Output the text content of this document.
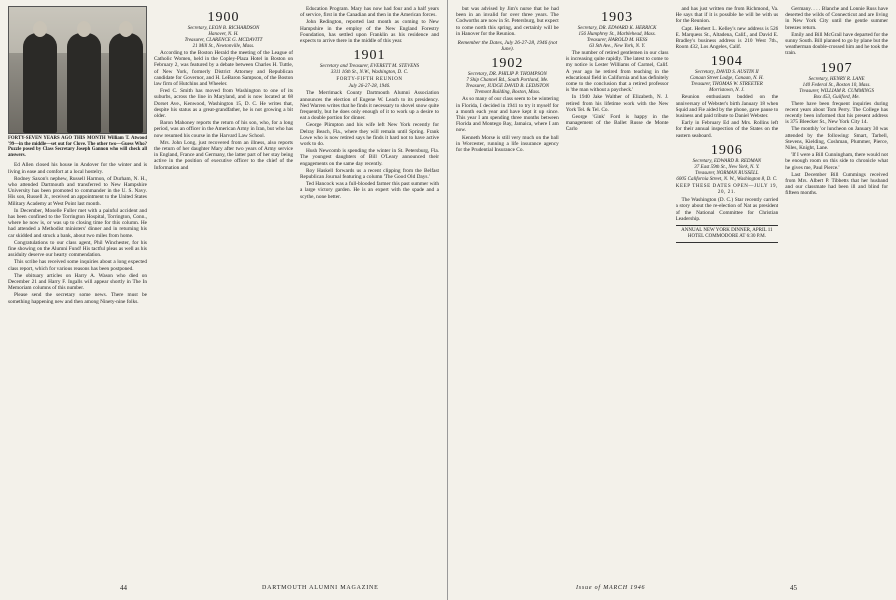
FORTY-SEVEN YEARS AGO THIS MONTH William T. Atwood '99—in the middle—set out for Clove. The other two—Guess Who? Puzzle posed by Class Secretary Joseph Gannon who will check all answers.

Ed Allen closed his house in Andover for the winter and is living in ease and comfort at a local hostelry.

Rodney Saxon's nephew, Russell Harmon, of Durham, N. H., who attended Dartmouth and transferred to New Hampshire University has been promoted to commander in the U. S. Navy. His son, Russell Jr., received an appointment to the United States Military Academy at West Point last month.

In December, Moselle Fuller met with a painful accident and has been confined to the Torrington Hospital, Torrington, Conn., where he now is, or was up to closing time for this column. He had attended a Methodist ministers' dinner and in returning his car skidded and struck a bank, about two miles from home.

Congratulations to our class agent, Phil Winchester, for his fine showing on the Alumni Fund! His tactful pleas as well as his assiduity deserve our hearty commendation.

This scribe has received some inquiries about a long expected class report, which for various reasons has been postponed.

The obituary articles on Harry A. Wason who died on December 21 and Harry F. Ingalls will appear shortly in The In Memoriam columns of this number.

Please send the secretary some news. There must be something happening new and then among Ninety-nine folks.

1900
Secretary, LEON B. RICHARDSON
Hanover, N. H.
Treasurer, CLARENCE G. MCDAVITT
21 Mill St., Newtonville, Mass.

According to the Boston Herald the meeting of the League of Catholic Women, held in the Copley-Plaza Hotel in Boston on February 2, was featured by a debate between Charles H. Tuttle, of New York, formerly District Attorney and Republican candidate for Governor, and H. LeBaron Sampson, of the Boston law firm of Hutchins and Wheeler.

Fred C. Smith has moved from Washington to one of its suburbs, across the line in Maryland, and is now located at 68 Dorset Ave., Kenwood, Washington 15, D. C. He writes that, despite his status as a great-grandfather, he is not growing a bit older.

Baron Mahoney reports the return of his son, who, for a long period, was an officer in the American Army in Iran, but who has now resumed his course in the Harvard Law School.

Mrs. John Long, just recovered from an illness, also reports the return of her daughter Mary after two years of Army service in England, France and Germany, the latter part of her stay being active in the position of executive officer to the chief of the Information and

Education Program. Mary has now had four and a half years of service, first in the Canadian and then in the American forces.

John Redington, reported last month as coming to New Hampshire in the employ of the New England Forestry Foundation, has settled upon Franklin as his residence and expects to arrive there in the middle of this year.

1901
Secretary and Treasurer, EVERETT M. STEVENS
3311 16th St., N.W., Washington, D. C.
FORTY-FIFTH REUNION
July 26-27-28, 1946.

The Merrimack County Dartmouth Alumni Association announces the election of Eugene W. Leach to its presidency. Ned Warren writes that he finds it necessary to shovel snow quite frequently, but he does only enough of it to work up a desire to eat a double portion for dinner.

George Plimpton and his wife left New York recently for Delray Beach, Fla., where they will remain until Spring. Frank Lowe who is now retired says he finds it hard not to have active work to do.

Hush Newcomb is spending the winter in St. Petersburg, Fla. The youngest daughters of Bill O'Leary announced their engagements on the same day recently.

Roy Haskell forwards us a recent clipping from the Belfast Republican Journal featuring a column 'The Good Old Days.'

Ted Hancock was a full-blooded farmer this past summer with a large victory garden. He is an expert with the spade and a scythe, none better.

44	DARTMOUTH ALUMNI MAGAZINE

but was advised by Jim's nurse that he had been in an invalid for over three years. The Codworths are now in St. Petersburg, but expect to come north this spring, and certainly will be in Hanover for the Reunion.

Remember the Dates, July 26-27-28, 1946 (not June).
1902
Secretary, DR. PHILIP P. THOMPSON
7 Ship Channel Rd., South Portland, Me.
Treasurer, JUDGE DAVID B. LEDISTON
Tremont Building, Boston, Mass.

As so many of our class seem to be wintering in Florida, I decided in 1941 to try it myself for a month each year and have kept it up since. This year I am spending three months between Florida and Montego Bay, Jamaica, where I am now.

Kenneth Morse is still very much on the ball in Worcester, running a life insurance agency for the Prudential Insurance Co.

1903
Secretary, DR. EDWARD K. HERRICK
156 Humphrey St., Marblehead, Mass.
Treasurer, HAROLD M. HESS
63 Sth Ave., New York, N. Y.

The number of retired gentlemen in our class is increasing quite rapidly. The latest to come to my notice is Lester Williams of Carmel, Calif. A year ago he retired from teaching in the educational field in California and has definitely come to the conclusion that a retired professor is 'the man without a paycheck.'

In 1940 Jake Walther of Elizabeth, N. J. retired from his lifetime work with the New York Tel. & Tel. Co.

George 'Gink' Ford is happy in the management of the Ballet Russe de Monte Carlo

and has just written me from Richmond, Va. He says that if it is possible he will be with us for the Reunion.

Capt. Herbert L. Kelley's new address is 526 E. Marquess St., Altadena, Calif., and David E. Bradley's business address is 210 West 7th., Room 432, Los Angeles, Calif.

1904
Secretary, DAVID S. AUSTIN II
Canaan Street Lodge, Canaan, N. H.
Treasurer, THOMAS W. STREETER
Morristown, N. J.

Reunion enthusiasm budded on the anniversary of Webster's birth January 18 when Squid and Fie aided by the phone, gave pause to business and paid tribute to Daniel Webster.

Early in February Ed and Mrs. Rollins left for their annual inspection of the States on the eastern seaboard.

1906
Secretary, EDWARD B. REDMAN
37 East 59th St., New York, N. Y.
Treasurer, NORMAN RUSSELL
6005 California Street, N. W., Washington 8, D. C.
KEEP THESE DATES OPEN—JULY 19, 20, 21.

The Washington (D. C.) Star recently carried a story about the re-election of Nat as president of the National Committee for Christian Leadership.

ANNUAL NEW YORK DINNER, APRIL 11 HOTEL COMMODORE AT 6:30 P.M.

Germany. . . . Blanche and Lonnie Russ have deserted the wilds of Connecticut and are living in New York City until the gentle summer breezes return.

Emily and Bill McGrail have departed for the sunny South. Bill planned to go by plane but the weatherman double-crossed him and he took the train.

1907
Secretary, HENRY R. LANE
140 Federal St., Boston 10, Mass.
Treasurer, WILLIAM R. CUMMINGS
Box 453, Guilford, Me.

There have been frequent inquiries during recent years about Tom Perry. The College has recently been informed that his present address is 375 Bleecker St., New York City 14.

The monthly 'or luncheon on January 30 was attended by the following: Smart, Tarbell, Stevens, Kielding, Coshman, Plummer, Pierce, Niles, Knight, Lane.

'If I were a Bill Cunningham, there would not be enough room on this side to chronicle what he gives me, Paul Pierce.'

Last December Bill Cummings received from Mrs. Albert P. Tibbetts that her husband and our classmate had been ill and blind for fifteen months.

Issue of MARCH 1946	45
